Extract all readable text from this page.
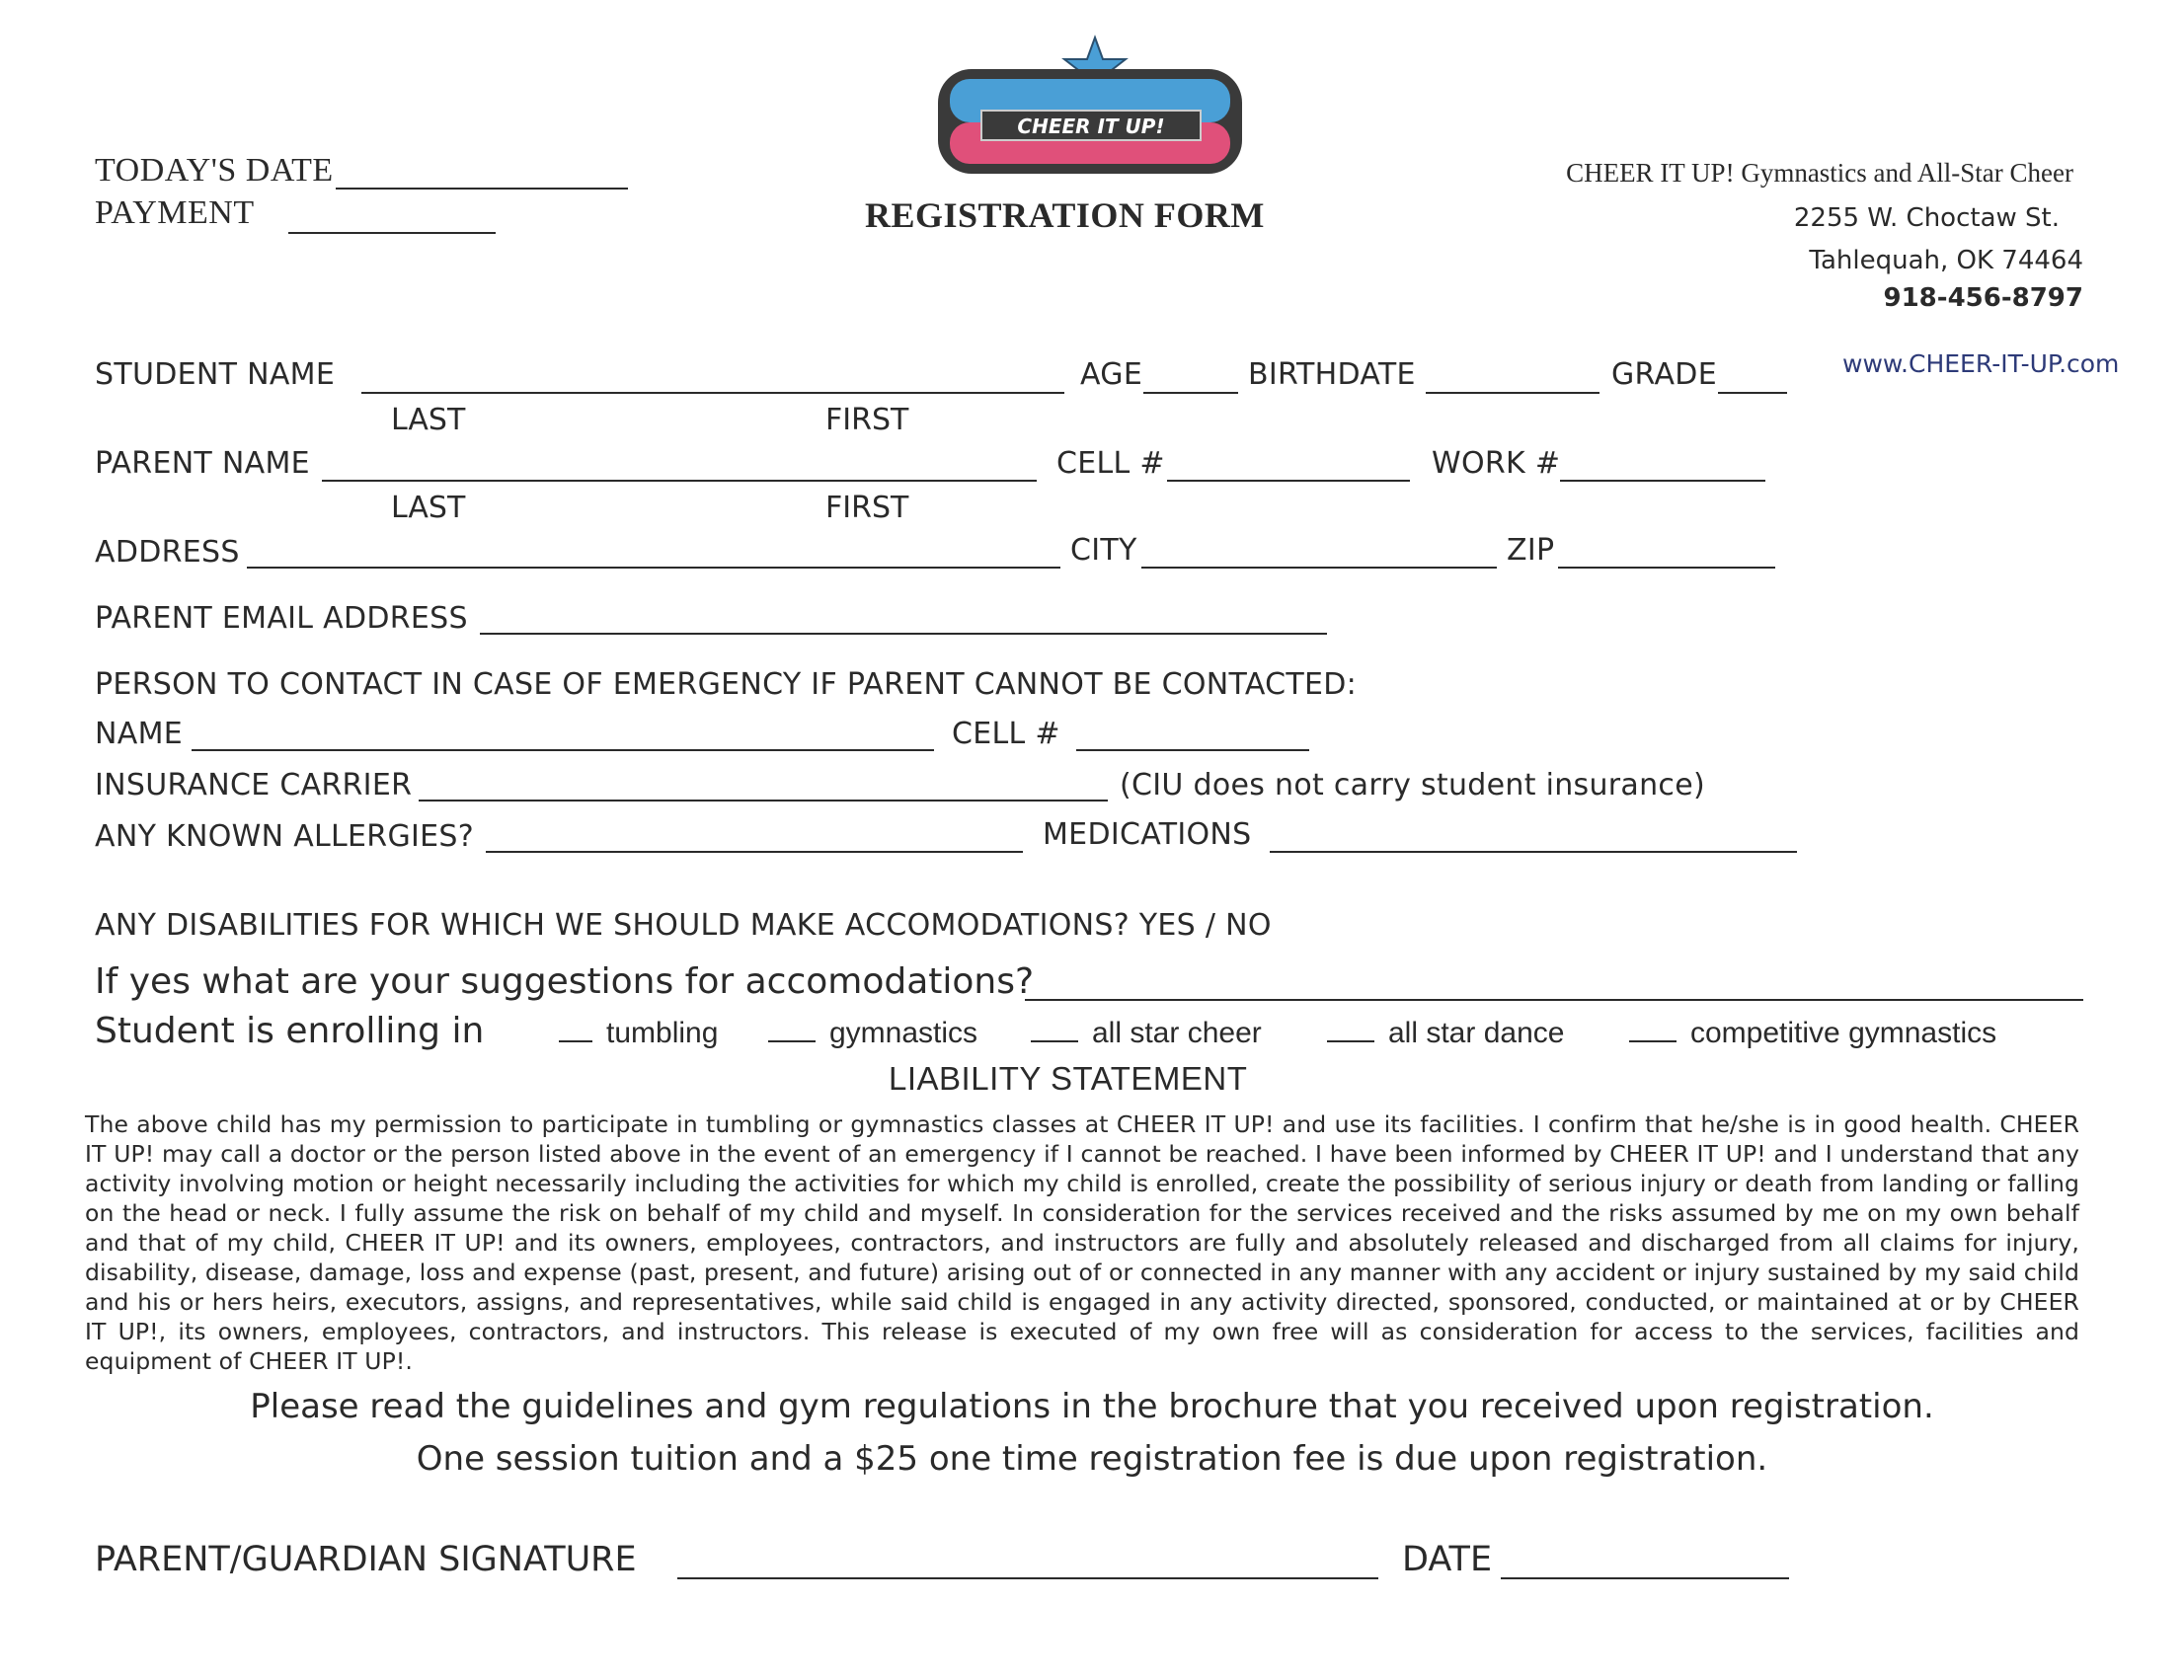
TODAY'S DATE
PAYMENT
CHEER IT UP!
REGISTRATION FORM
CHEER IT UP! Gymnastics and All-Star Cheer
2255 W. Choctaw St.
Tahlequah, OK 74464
918-456-8797
www.CHEER-IT-UP.com
STUDENT NAME	AGE	BIRTHDATE	GRADE
LAST	FIRST
PARENT NAME	CELL #	WORK #
LAST	FIRST
ADDRESS	CITY	ZIP
PARENT EMAIL ADDRESS
PERSON TO CONTACT IN CASE OF EMERGENCY IF PARENT CANNOT BE CONTACTED:
NAME	CELL #
INSURANCE CARRIER	(CIU does not carry student insurance)
ANY KNOWN ALLERGIES?	MEDICATIONS
ANY DISABILITIES FOR WHICH WE SHOULD MAKE ACCOMODATIONS? YES / NO
If yes what are your suggestions for accomodations?
Student is enrolling in	tumbling	gymnastics	all star cheer	all star dance	competitive gymnastics
LIABILITY STATEMENT
The above child has my permission to participate in tumbling or gymnastics classes at CHEER IT UP! and use its facilities. I confirm that he/she is in good health. CHEER IT UP! may call a doctor or the person listed above in the event of an emergency if I cannot be reached. I have been informed by CHEER IT UP! and I understand that any activity involving motion or height necessarily including the activities for which my child is enrolled, create the possibility of serious injury or death from landing or falling on the head or neck. I fully assume the risk on behalf of my child and myself. In consideration for the services received and the risks assumed by me on my own behalf and that of my child, CHEER IT UP! and its owners, employees, contractors, and instructors are fully and absolutely released and discharged from all claims for injury, disability, disease, damage, loss and expense (past, present, and future) arising out of or connected in any manner with any accident or injury sustained by my said child and his or hers heirs, executors, assigns, and representatives, while said child is engaged in any activity directed, sponsored, conducted, or maintained at or by CHEER IT UP!, its owners, employees, contractors, and instructors. This release is executed of my own free will as consideration for access to the services, facilities and equipment of CHEER IT UP!.
Please read the guidelines and gym regulations in the brochure that you received upon registration.
One session tuition and a $25 one time registration fee is due upon registration.
PARENT/GUARDIAN SIGNATURE	DATE
